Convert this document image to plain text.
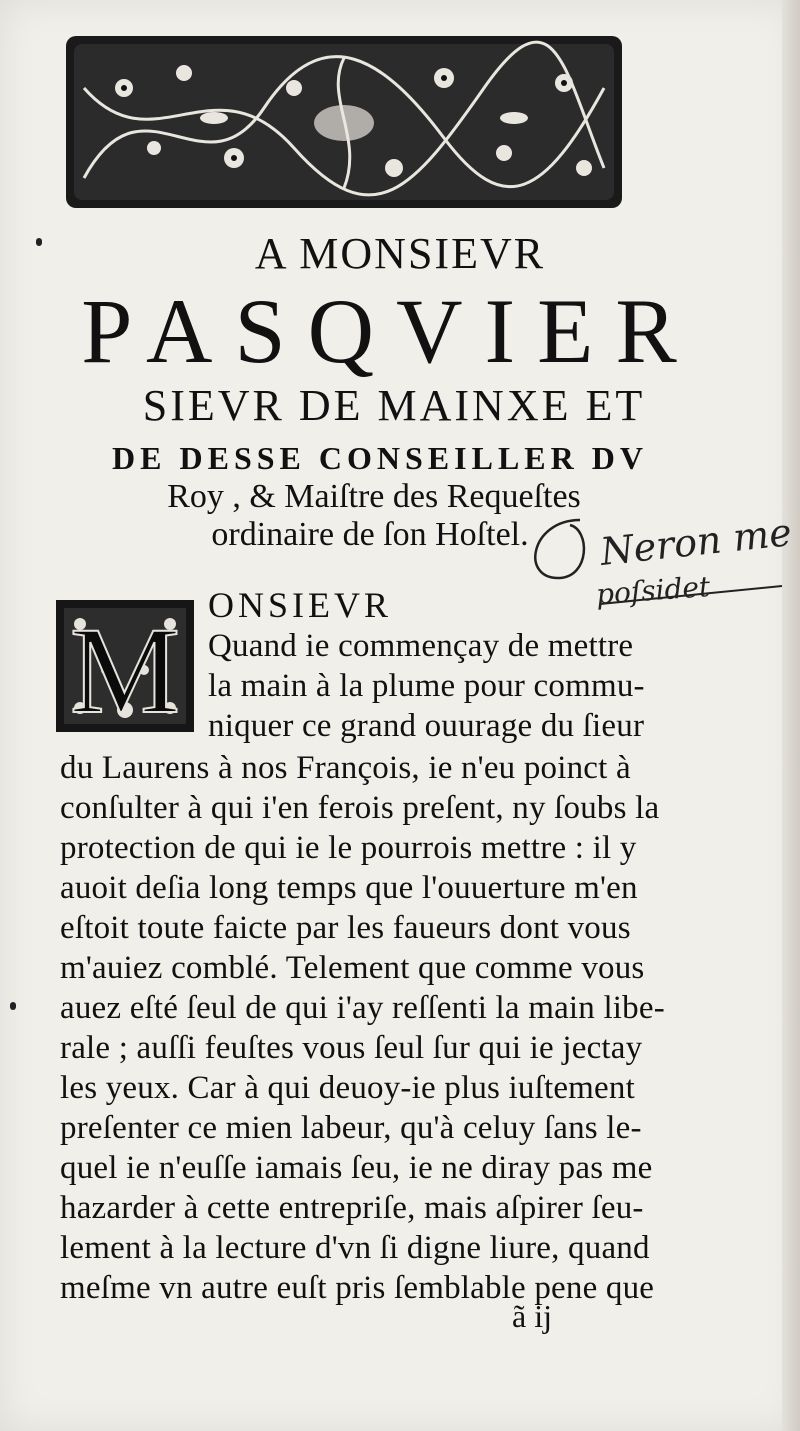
A MONSIEVR
PASQVIER
SIEVR DE MAINXE ET
DE DESSE CONSEILLER DV
Roy , & Maiſtre des Requeſtes
ordinaire de ſon Hoſtel.	Neron me
poſsidet
M ONSIEVR
Quand ie commençay de mettre
la main à la plume pour commu-
niquer ce grand ouurage du ſieur
du Laurens à nos François, ie n'eu poinct à
conſulter à qui i'en ferois preſent, ny ſoubs la
protection de qui ie le pourrois mettre : il y
auoit deſia long temps que l'ouuerture m'en
eſtoit toute faicte par les faueurs dont vous
m'auiez comblé. Telement que comme vous
auez eſté ſeul de qui i'ay reſſenti la main libe-
rale ; auſſi feuſtes vous ſeul ſur qui ie jectay
les yeux. Car à qui deuoy-ie plus iuſtement
preſenter ce mien labeur, qu'à celuy ſans le-
quel ie n'euſſe iamais ſeu, ie ne diray pas me
hazarder à cette entrepriſe, mais aſpirer ſeu-
lement à la lecture d'vn ſi digne liure, quand
meſme vn autre euſt pris ſemblable pene que
ã ij
